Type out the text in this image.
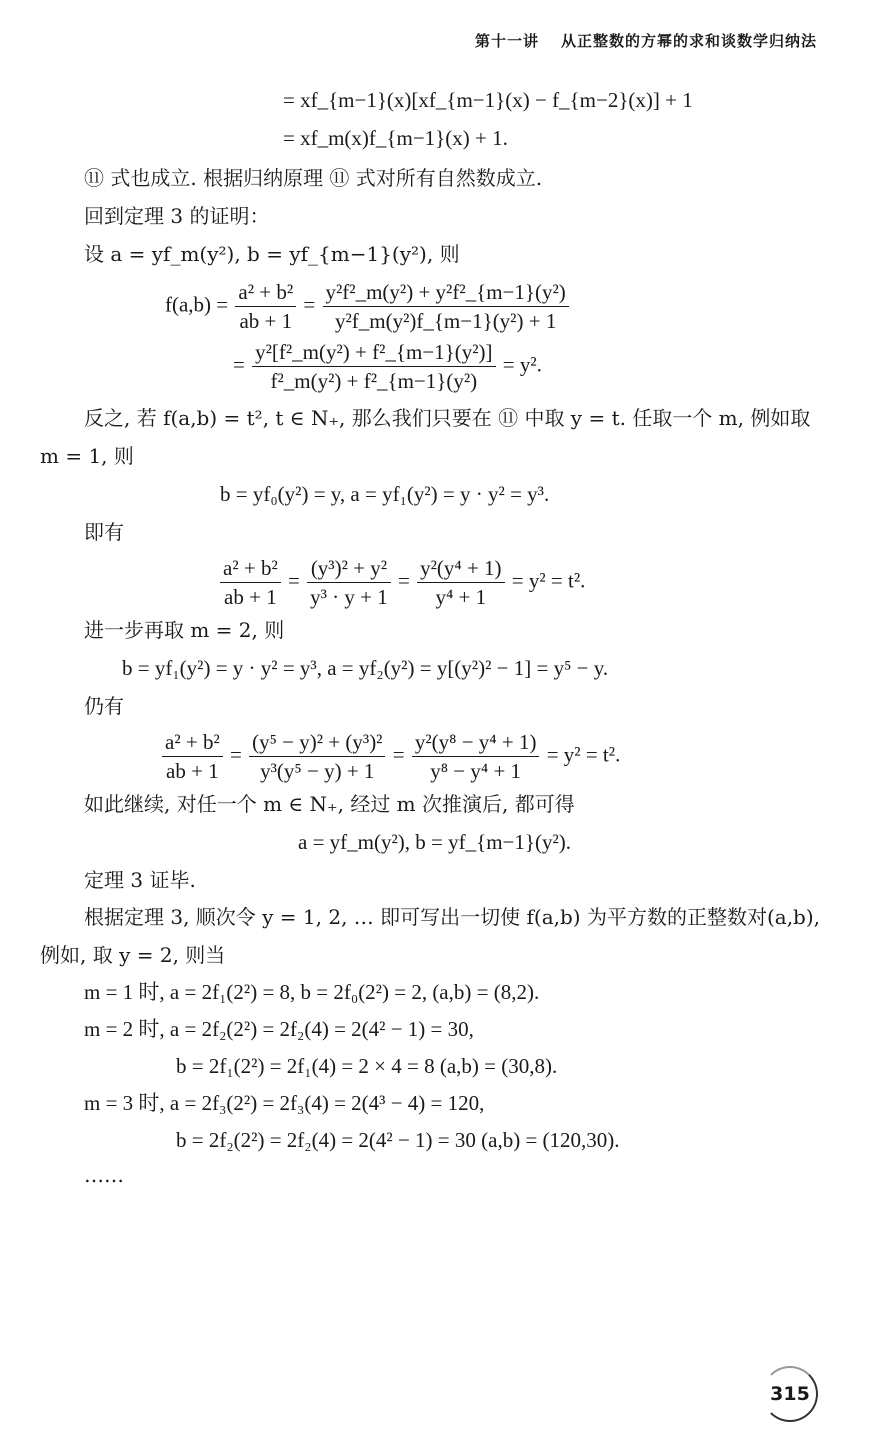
第十一讲 从正整数的方幂的求和谈数学归纳法
= xf_{m−1}(x)[xf_{m−1}(x) − f_{m−2}(x)] + 1
= xf_m(x)f_{m−1}(x) + 1.
⑪ 式也成立. 根据归纳原理 ⑪ 式对所有自然数成立.
回到定理 3 的证明：
设 a = yf_m(y²), b = yf_{m−1}(y²), 则
$f(a,b) = \frac{\text{a² + b²}}{ab + 1} = \frac{\text{y²f²\_m(y²) + y²f²\_\{m−1\}(y²)}}{\text{y²f\_m(y²)f\_\{m−1\}(y²) + 1}}$
= $\frac{\text{y²[f²\_m(y²) + f²\_\{m−1\}(y²)]}}{\text{f²\_m(y²) + f²\_\{m−1\}(y²)}} = y^2$.
反之, 若 f(a,b) = t², t ∈ N₊, 那么我们只要在 ⑪ 中取 y = t. 任取一个 m, 例如取
m = 1, 则
b = yf₀(y²) = y, a = yf₁(y²) = y · y² = y³.
即有
$\frac{\text{a² + b²}}{ab + 1} = \frac{\text{(y³)² + y²}}{\text{y³ · y + 1}} = \frac{\text{y²(y⁴ + 1)}}{\text{y⁴ + 1}} = y^2 = t^2$.
进一步再取 m = 2, 则
b = yf₁(y²) = y · y² = y³, a = yf₂(y²) = y[(y²)² − 1] = y⁵ − y.
仍有
$\frac{\text{a² + b²}}{ab + 1} = \frac{\text{(y⁵ − y)² + (y³)²}}{\text{y³(y⁵ − y) + 1}} = \frac{\text{y²(y⁸ − y⁴ + 1)}}{\text{y⁸ − y⁴ + 1}} = y^2 = t^2$.
如此继续, 对任一个 m ∈ N₊, 经过 m 次推演后, 都可得
a = yf_m(y²), b = yf_{m−1}(y²).
定理 3 证毕.
根据定理 3, 顺次令 y = 1, 2, … 即可写出一切使 f(a,b) 为平方数的正整数对(a,b),
例如, 取 y = 2, 则当
m = 1 时, a = 2f₁(2²) = 8, b = 2f₀(2²) = 2, (a,b) = (8,2).
m = 2 时, a = 2f₂(2²) = 2f₂(4) = 2(4² − 1) = 30,
b = 2f₁(2²) = 2f₁(4) = 2 × 4 = 8 (a,b) = (30,8).
m = 3 时, a = 2f₃(2²) = 2f₃(4) = 2(4³ − 4) = 120,
b = 2f₂(2²) = 2f₂(4) = 2(4² − 1) = 30 (a,b) = (120,30).
……
315
